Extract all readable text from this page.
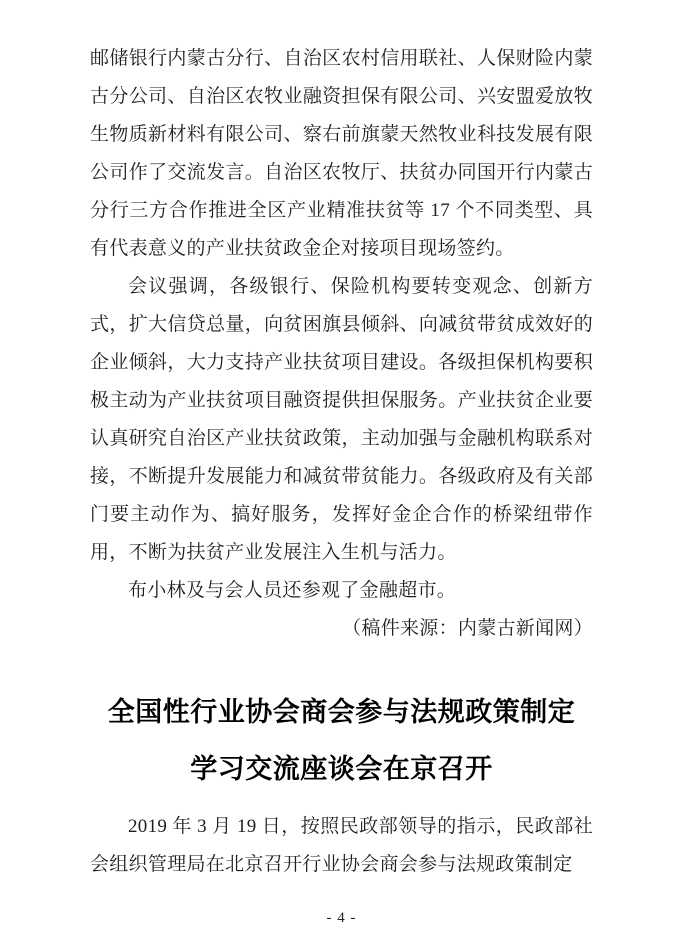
邮储银行内蒙古分行、自治区农村信用联社、人保财险内蒙古分公司、自治区农牧业融资担保有限公司、兴安盟爱放牧生物质新材料有限公司、察右前旗蒙天然牧业科技发展有限公司作了交流发言。自治区农牧厅、扶贫办同国开行内蒙古分行三方合作推进全区产业精准扶贫等 17 个不同类型、具有代表意义的产业扶贫政金企对接项目现场签约。

会议强调，各级银行、保险机构要转变观念、创新方式，扩大信贷总量，向贫困旗县倾斜、向减贫带贫成效好的企业倾斜，大力支持产业扶贫项目建设。各级担保机构要积极主动为产业扶贫项目融资提供担保服务。产业扶贫企业要认真研究自治区产业扶贫政策，主动加强与金融机构联系对接，不断提升发展能力和减贫带贫能力。各级政府及有关部门要主动作为、搞好服务，发挥好金企合作的桥梁纽带作用，不断为扶贫产业发展注入生机与活力。

布小林及与会人员还参观了金融超市。

（稿件来源：内蒙古新闻网）

全国性行业协会商会参与法规政策制定
学习交流座谈会在京召开

2019 年 3 月 19 日，按照民政部领导的指示，民政部社会组织管理局在北京召开行业协会商会参与法规政策制定

- 4 -
